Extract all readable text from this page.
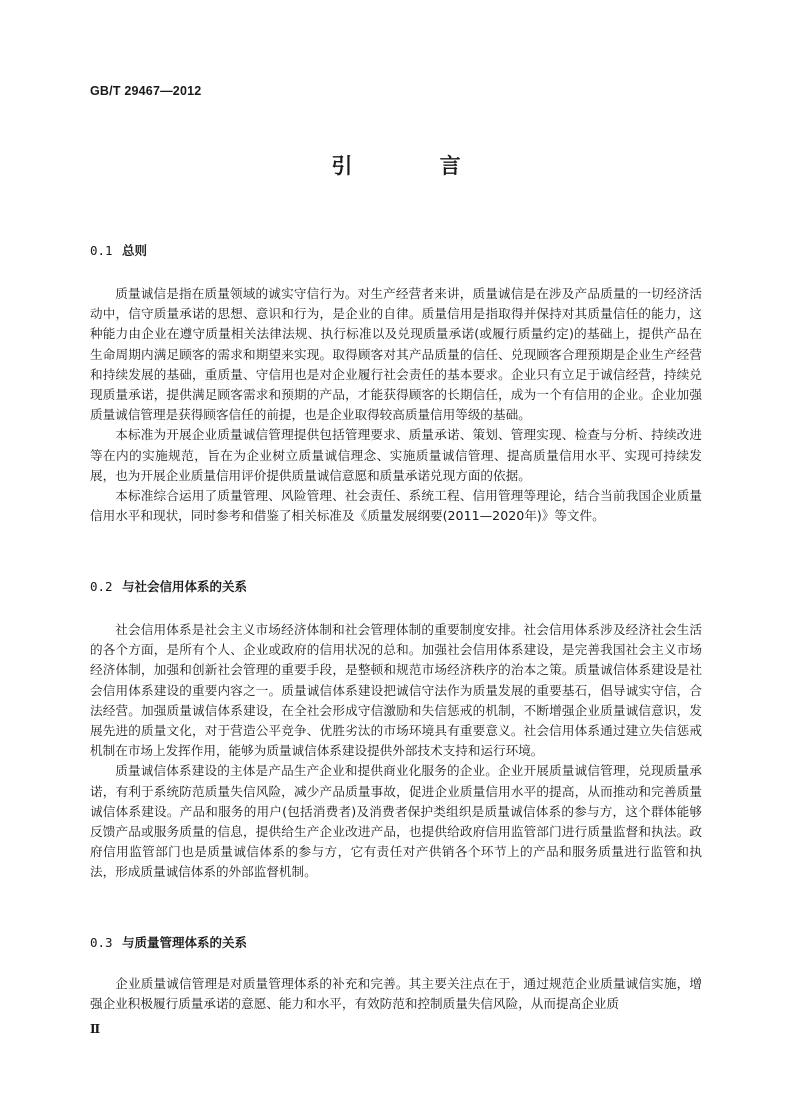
GB/T 29467—2012
引 言
0.1 总则

质量诚信是指在质量领域的诚实守信行为。对生产经营者来讲，质量诚信是在涉及产品质量的一切经济活动中，信守质量承诺的思想、意识和行为，是企业的自律。质量信用是指取得并保持对其质量信任的能力，这种能力由企业在遵守质量相关法律法规、执行标准以及兑现质量承诺(或履行质量约定)的基础上，提供产品在生命周期内满足顾客的需求和期望来实现。取得顾客对其产品质量的信任、兑现顾客合理预期是企业生产经营和持续发展的基础，重质量、守信用也是对企业履行社会责任的基本要求。企业只有立足于诚信经营，持续兑现质量承诺，提供满足顾客需求和预期的产品，才能获得顾客的长期信任，成为一个有信用的企业。企业加强质量诚信管理是获得顾客信任的前提，也是企业取得较高质量信用等级的基础。

本标准为开展企业质量诚信管理提供包括管理要求、质量承诺、策划、管理实现、检查与分析、持续改进等在内的实施规范，旨在为企业树立质量诚信理念、实施质量诚信管理、提高质量信用水平、实现可持续发展，也为开展企业质量信用评价提供质量诚信意愿和质量承诺兑现方面的依据。

本标准综合运用了质量管理、风险管理、社会责任、系统工程、信用管理等理论，结合当前我国企业质量信用水平和现状，同时参考和借鉴了相关标准及《质量发展纲要(2011—2020年)》等文件。

0.2 与社会信用体系的关系

社会信用体系是社会主义市场经济体制和社会管理体制的重要制度安排。社会信用体系涉及经济社会生活的各个方面，是所有个人、企业或政府的信用状况的总和。加强社会信用体系建设，是完善我国社会主义市场经济体制，加强和创新社会管理的重要手段，是整顿和规范市场经济秩序的治本之策。质量诚信体系建设是社会信用体系建设的重要内容之一。质量诚信体系建设把诚信守法作为质量发展的重要基石，倡导诚实守信，合法经营。加强质量诚信体系建设，在全社会形成守信激励和失信惩戒的机制，不断增强企业质量诚信意识，发展先进的质量文化，对于营造公平竞争、优胜劣汰的市场环境具有重要意义。社会信用体系通过建立失信惩戒机制在市场上发挥作用，能够为质量诚信体系建设提供外部技术支持和运行环境。

质量诚信体系建设的主体是产品生产企业和提供商业化服务的企业。企业开展质量诚信管理，兑现质量承诺，有利于系统防范质量失信风险，减少产品质量事故，促进企业质量信用水平的提高，从而推动和完善质量诚信体系建设。产品和服务的用户(包括消费者)及消费者保护类组织是质量诚信体系的参与方，这个群体能够反馈产品或服务质量的信息，提供给生产企业改进产品，也提供给政府信用监管部门进行质量监督和执法。政府信用监管部门也是质量诚信体系的参与方，它有责任对产供销各个环节上的产品和服务质量进行监管和执法，形成质量诚信体系的外部监督机制。

0.3 与质量管理体系的关系

企业质量诚信管理是对质量管理体系的补充和完善。其主要关注点在于，通过规范企业质量诚信实施，增强企业积极履行质量承诺的意愿、能力和水平，有效防范和控制质量失信风险，从而提高企业质

Ⅱ
